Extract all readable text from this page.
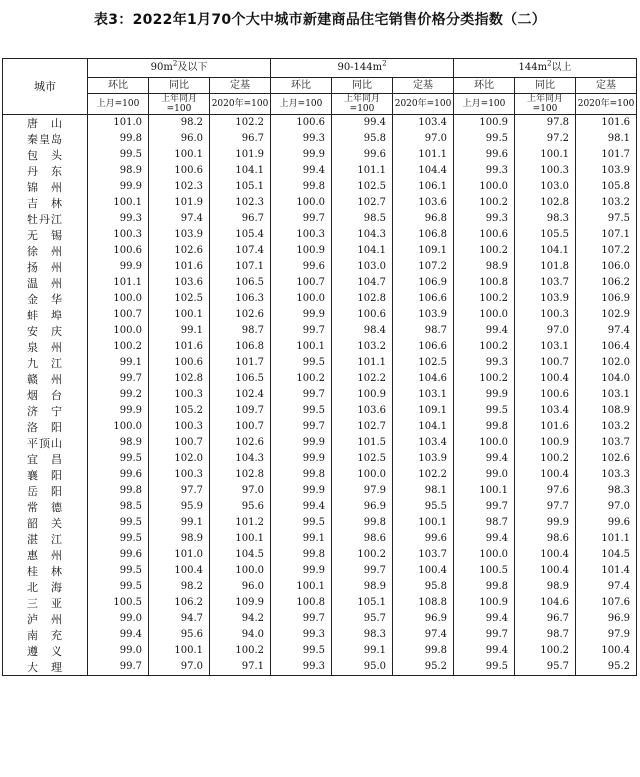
表3：2022年1月70个大中城市新建商品住宅销售价格分类指数（二）
城市	$90m^2$及以下			$90-144m^2$			$144m^2$以上		
	环比	同比	定基	环比	同比	定基	环比	同比	定基
	上月=100	上年同月=100	2020年=100	上月=100	上年同月=100	2020年=100	上月=100	上年同月=100	2020年=100
唐　山	101.0	98.2	102.2	100.6	99.4	103.4	100.9	97.8	101.6
秦皇岛	99.8	96.0	96.7	99.3	95.8	97.0	99.5	97.2	98.1
包　头	99.5	100.1	101.9	99.9	99.6	101.1	99.6	100.1	101.7
丹　东	98.9	100.6	104.1	99.4	101.1	104.4	99.3	100.3	103.9
锦　州	99.9	102.3	105.1	99.8	102.5	106.1	100.0	103.0	105.8
吉　林	100.1	101.9	102.3	100.0	102.7	103.6	100.2	102.8	103.2
牡丹江	99.3	97.4	96.7	99.7	98.5	96.8	99.3	98.3	97.5
无　锡	100.3	103.9	105.4	100.3	104.3	106.8	100.6	105.5	107.1
徐　州	100.6	102.6	107.4	100.9	104.1	109.1	100.2	104.1	107.2
扬　州	99.9	101.6	107.1	99.6	103.0	107.2	98.9	101.8	106.0
温　州	101.1	103.6	106.5	100.7	104.7	106.9	100.8	103.7	106.2
金　华	100.0	102.5	106.3	100.0	102.8	106.6	100.2	103.9	106.9
蚌　埠	100.7	100.1	102.6	99.9	100.6	103.9	100.0	100.3	102.9
安　庆	100.0	99.1	98.7	99.7	98.4	98.7	99.4	97.0	97.4
泉　州	100.2	101.6	106.8	100.1	103.2	106.6	100.2	103.1	106.4
九　江	99.1	100.6	101.7	99.5	101.1	102.5	99.3	100.7	102.0
赣　州	99.7	102.8	106.5	100.2	102.2	104.6	100.2	100.4	104.0
烟　台	99.2	100.3	102.4	99.7	100.9	103.1	99.9	100.6	103.1
济　宁	99.9	105.2	109.7	99.5	103.6	109.1	99.5	103.4	108.9
洛　阳	100.0	100.3	100.7	99.7	102.7	104.1	99.8	101.6	103.2
平顶山	98.9	100.7	102.6	99.9	101.5	103.4	100.0	100.9	103.7
宜　昌	99.5	102.0	104.3	99.9	102.5	103.9	99.4	100.2	102.6
襄　阳	99.6	100.3	102.8	99.8	100.0	102.2	99.0	100.4	103.3
岳　阳	99.8	97.7	97.0	99.9	97.9	98.1	100.1	97.6	98.3
常　德	98.5	95.9	95.6	99.4	96.9	95.5	99.7	97.7	97.0
韶　关	99.5	99.1	101.2	99.5	99.8	100.1	98.7	99.9	99.6
湛　江	99.5	98.9	100.1	99.1	98.6	99.6	99.4	98.6	101.1
惠　州	99.6	101.0	104.5	99.8	100.2	103.7	100.0	100.4	104.5
桂　林	99.5	100.4	100.0	99.9	99.7	100.4	100.5	100.4	101.4
北　海	99.5	98.2	96.0	100.1	98.9	95.8	99.8	98.9	97.4
三　亚	100.5	106.2	109.9	100.8	105.1	108.8	100.9	104.6	107.6
泸　州	99.0	94.7	94.2	99.7	95.7	96.9	99.4	96.7	96.9
南　充	99.4	95.6	94.0	99.3	98.3	97.4	99.7	98.7	97.9
遵　义	99.0	100.1	100.2	99.5	99.1	99.8	99.4	100.2	100.4
大　理	99.7	97.0	97.1	99.3	95.0	95.2	99.5	95.7	95.2
